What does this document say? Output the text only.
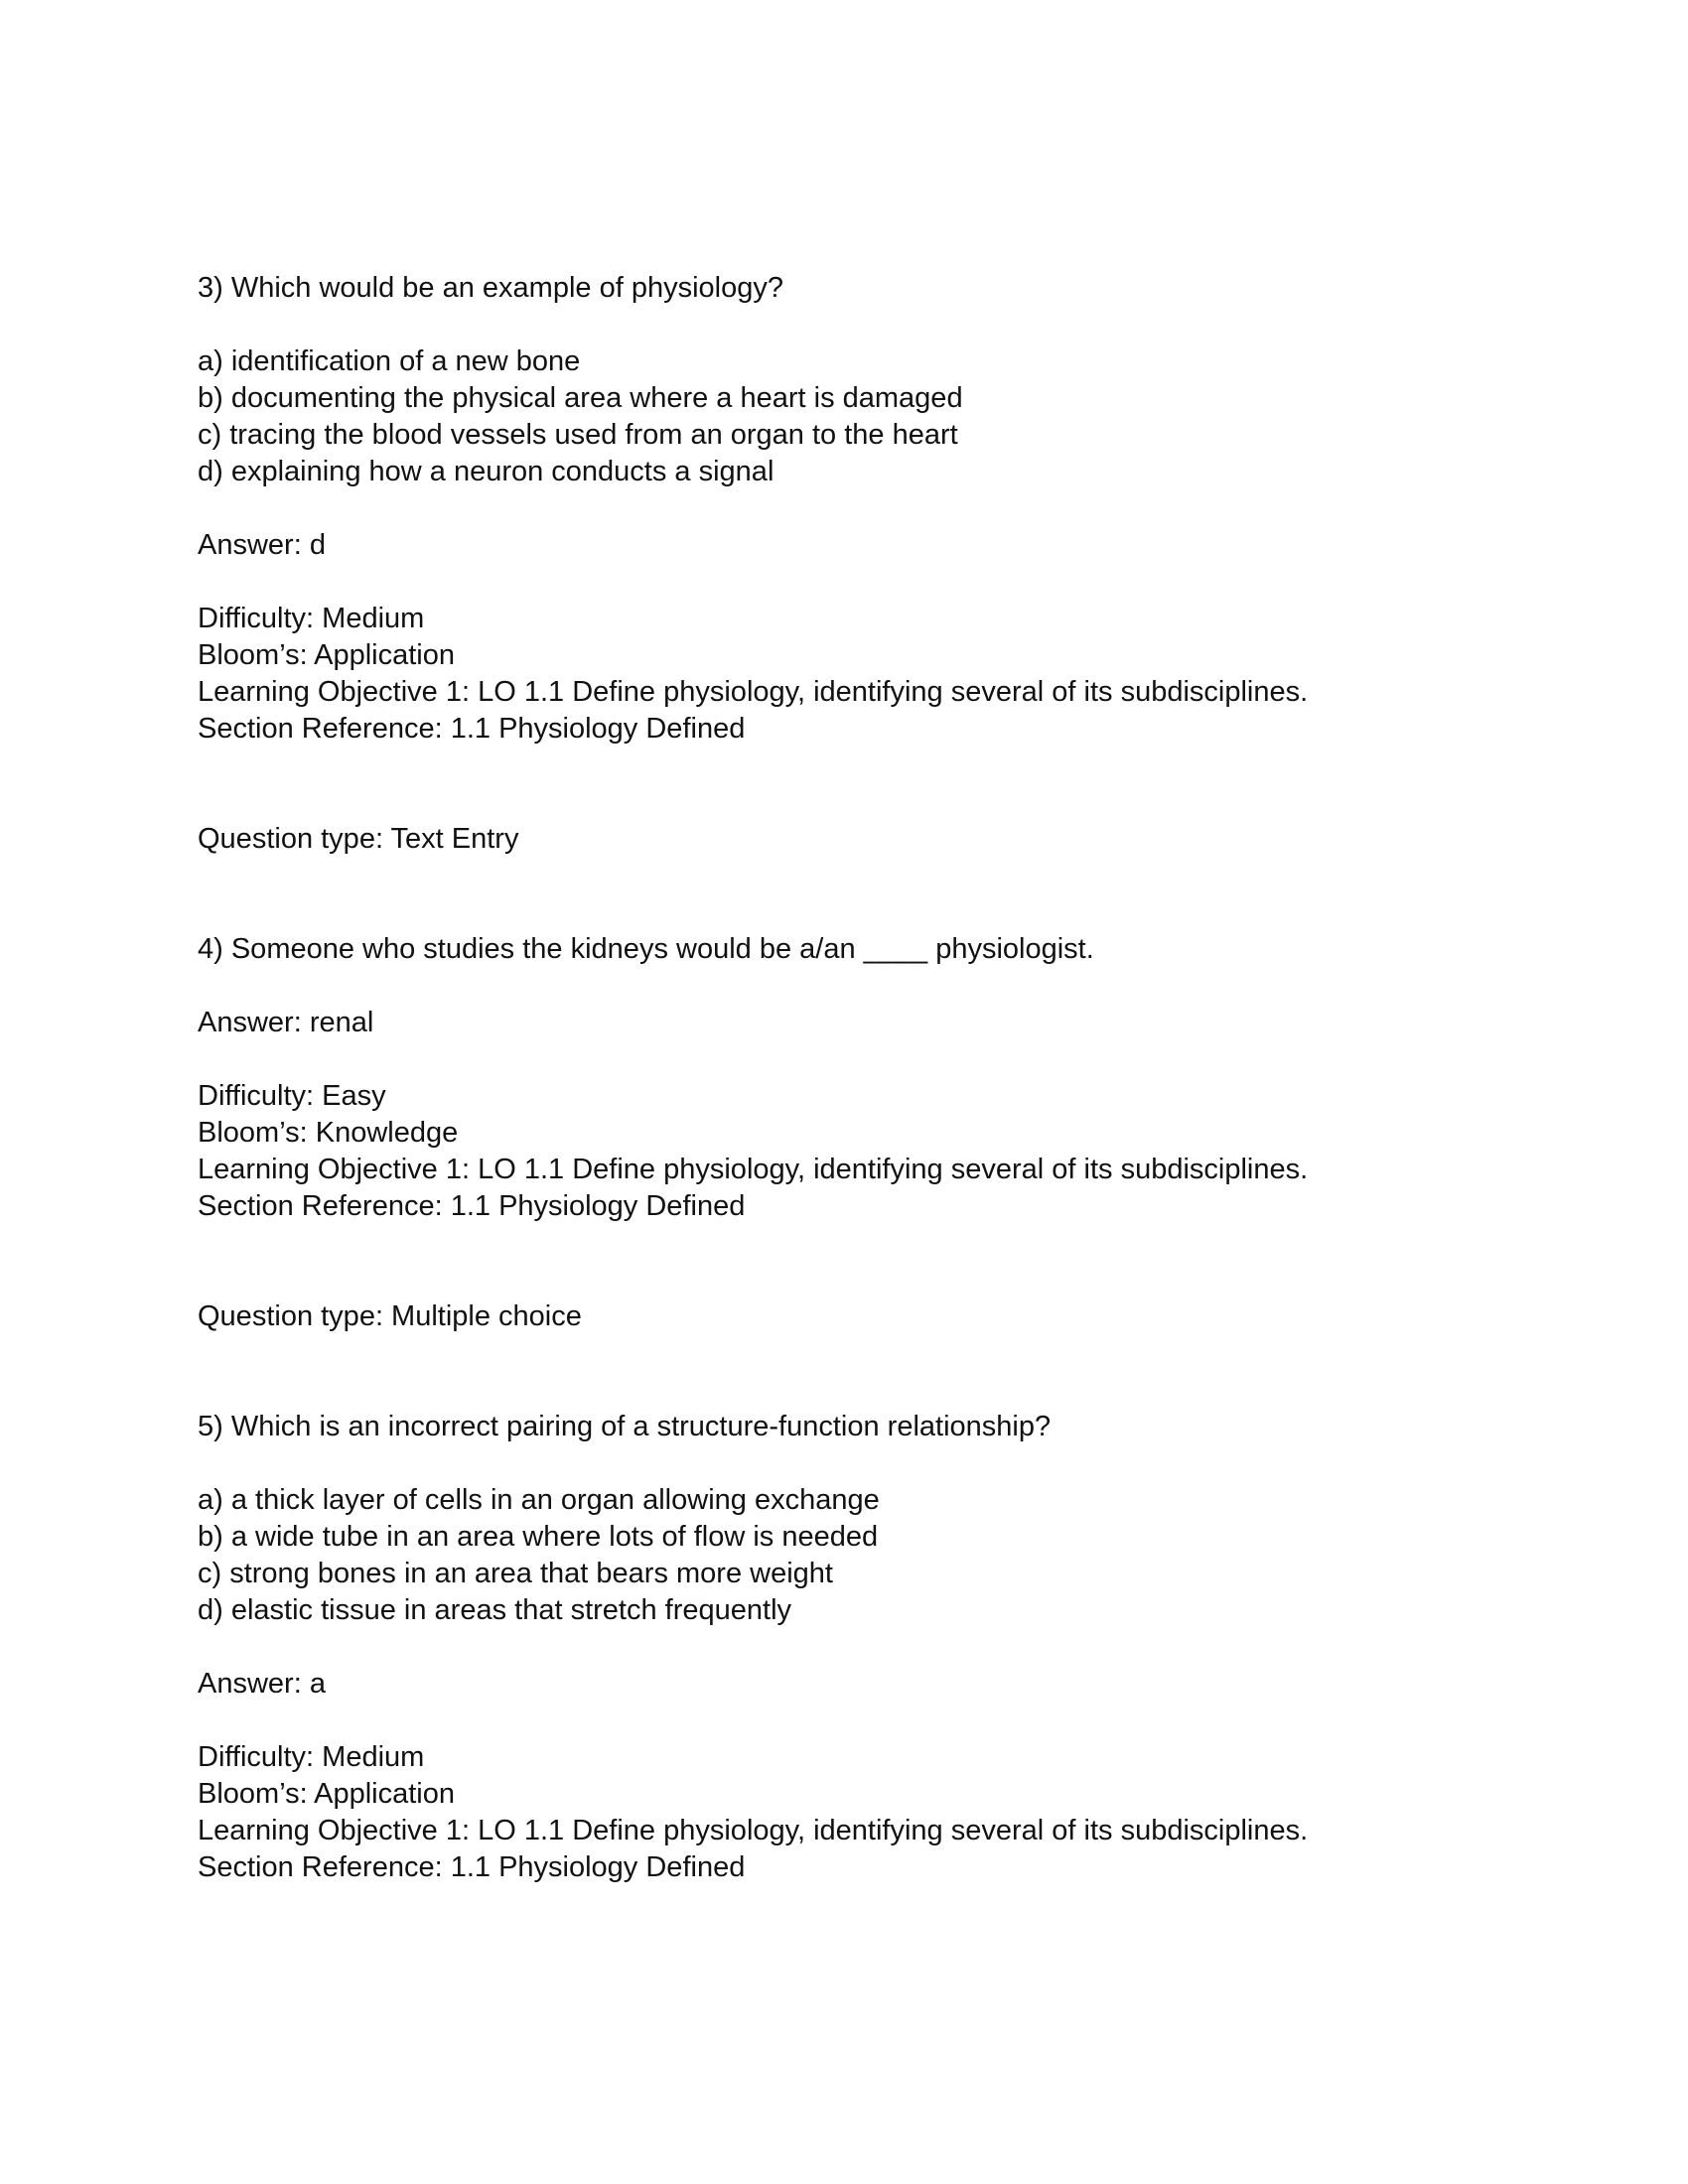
3) Which would be an example of physiology?
a) identification of a new bone
b) documenting the physical area where a heart is damaged
c) tracing the blood vessels used from an organ to the heart
d) explaining how a neuron conducts a signal
Answer: d
Difficulty: Medium
Bloom’s: Application
Learning Objective 1: LO 1.1 Define physiology, identifying several of its subdisciplines.
Section Reference: 1.1 Physiology Defined
Question type: Text Entry
4) Someone who studies the kidneys would be a/an ____ physiologist.
Answer: renal
Difficulty: Easy
Bloom’s: Knowledge
Learning Objective 1: LO 1.1 Define physiology, identifying several of its subdisciplines.
Section Reference: 1.1 Physiology Defined
Question type: Multiple choice
5) Which is an incorrect pairing of a structure-function relationship?
a) a thick layer of cells in an organ allowing exchange
b) a wide tube in an area where lots of flow is needed
c) strong bones in an area that bears more weight
d) elastic tissue in areas that stretch frequently
Answer: a
Difficulty: Medium
Bloom’s: Application
Learning Objective 1: LO 1.1 Define physiology, identifying several of its subdisciplines.
Section Reference: 1.1 Physiology Defined
